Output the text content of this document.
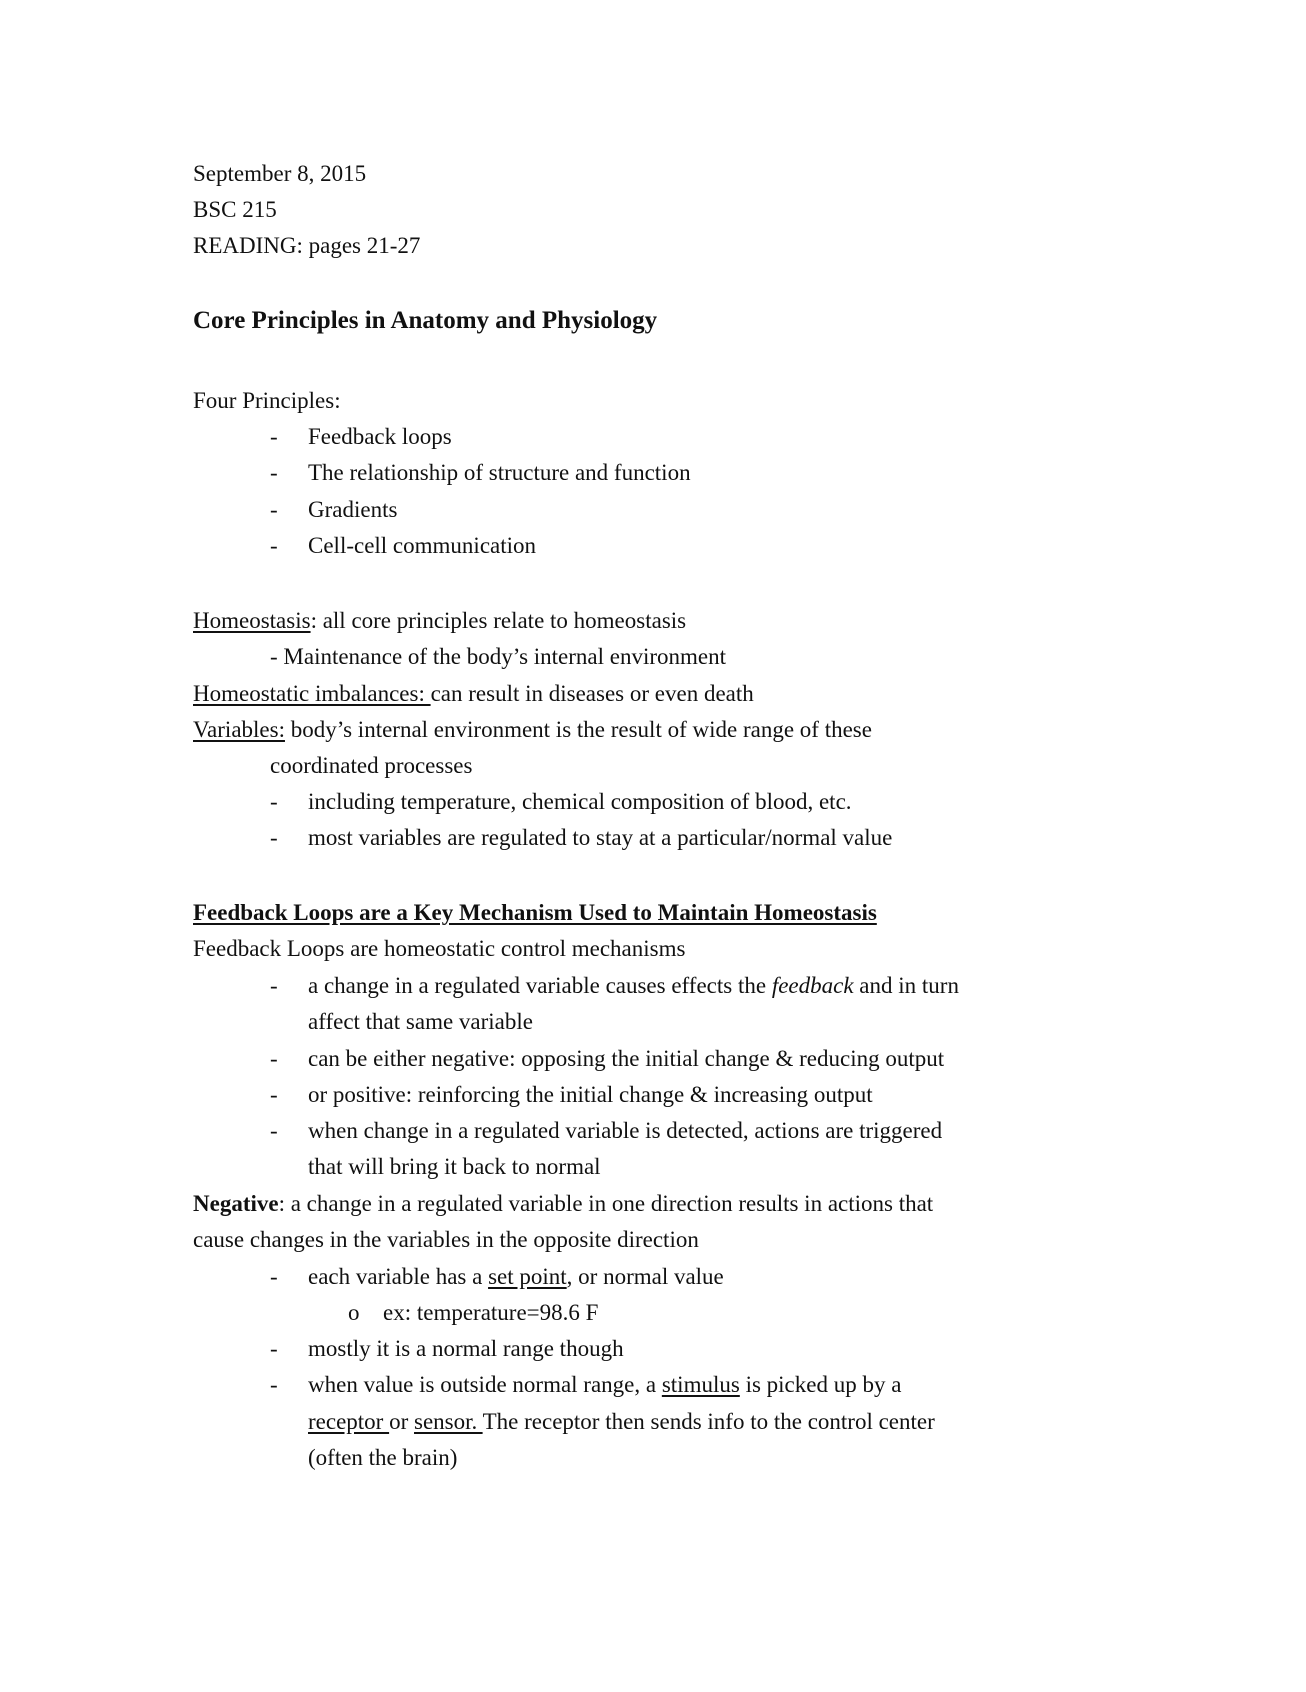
September 8, 2015
BSC 215
READING: pages 21-27
Core Principles in Anatomy and Physiology
Four Principles:
- Feedback loops
- The relationship of structure and function
- Gradients
- Cell-cell communication
Homeostasis: all core principles relate to homeostasis
- Maintenance of the body’s internal environment
Homeostatic imbalances: can result in diseases or even death
Variables: body’s internal environment is the result of wide range of these
coordinated processes
- including temperature, chemical composition of blood, etc.
- most variables are regulated to stay at a particular/normal value
Feedback Loops are a Key Mechanism Used to Maintain Homeostasis
Feedback Loops are homeostatic control mechanisms
- a change in a regulated variable causes effects the feedback and in turn
affect that same variable
- can be either negative: opposing the initial change & reducing output
- or positive: reinforcing the initial change & increasing output
- when change in a regulated variable is detected, actions are triggered
that will bring it back to normal
Negative: a change in a regulated variable in one direction results in actions that
cause changes in the variables in the opposite direction
- each variable has a set point, or normal value
o ex: temperature=98.6 F
- mostly it is a normal range though
- when value is outside normal range, a stimulus is picked up by a
receptor or sensor. The receptor then sends info to the control center
(often the brain)
